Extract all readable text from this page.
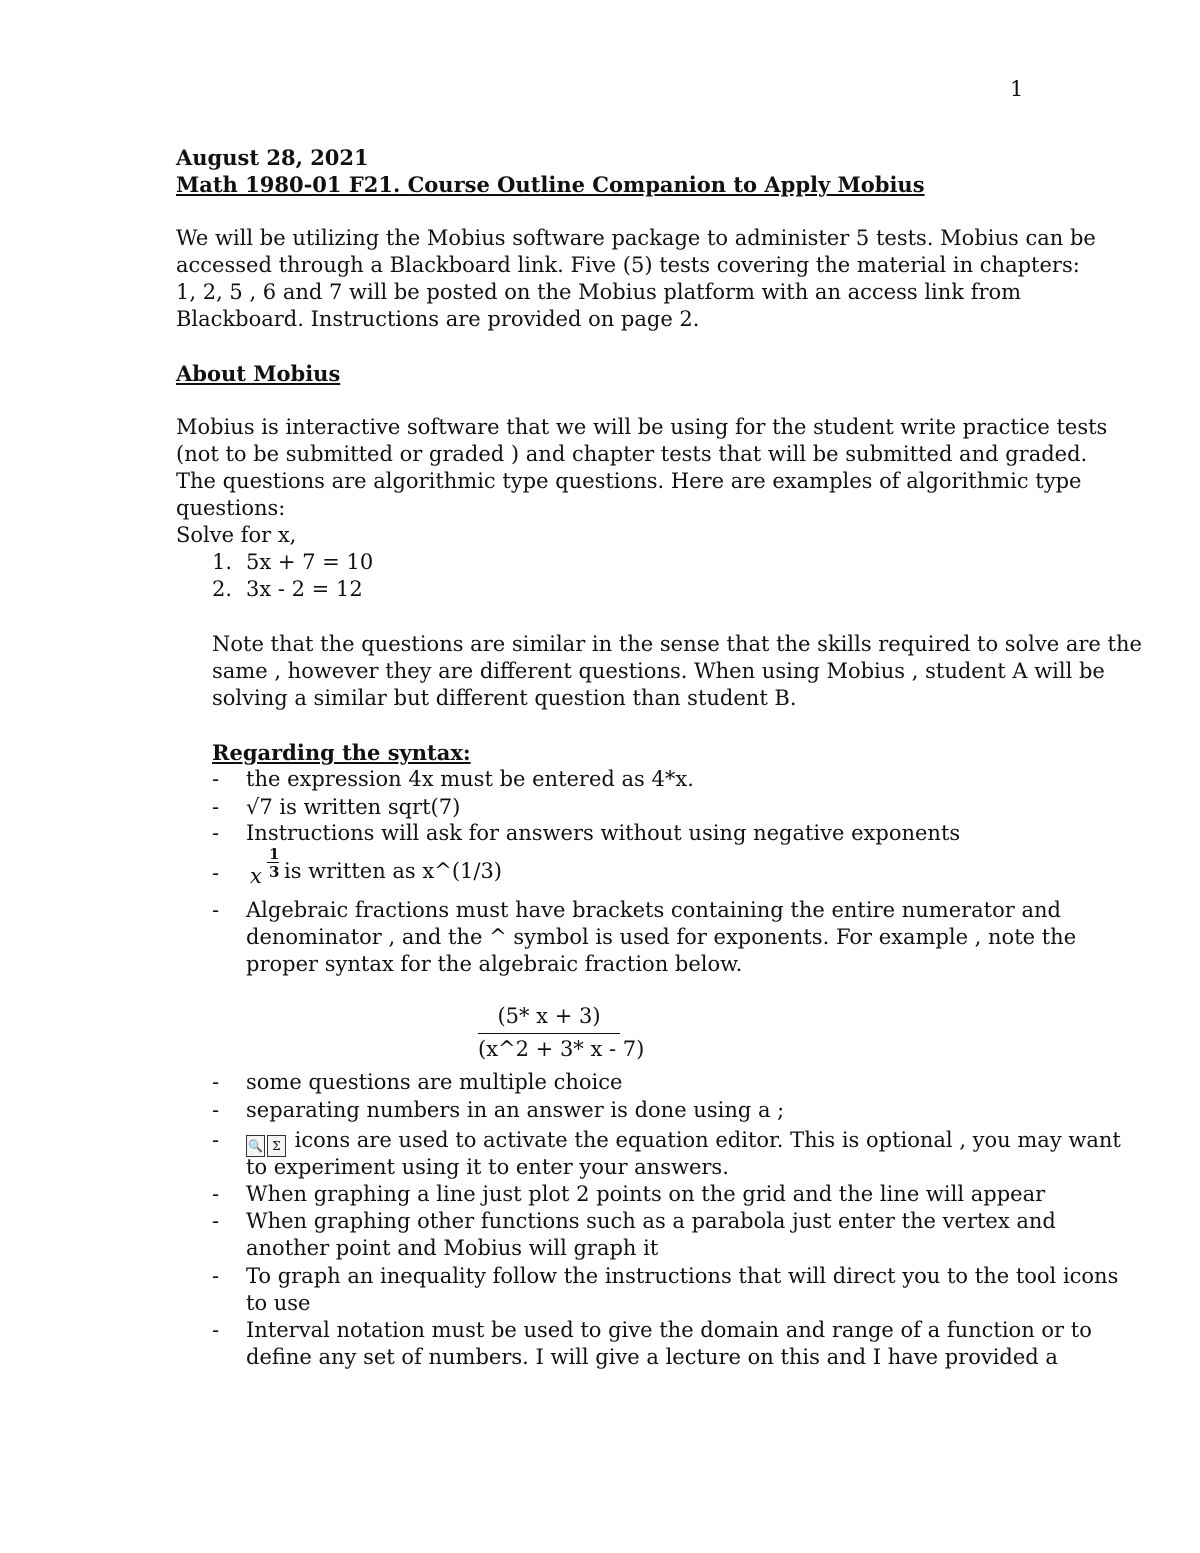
1
August 28, 2021
Math 1980-01 F21. Course Outline Companion to Apply Mobius
We will be utilizing the Mobius software package to administer 5 tests. Mobius can be
accessed through a Blackboard link. Five (5) tests covering the material in chapters:
1, 2, 5 , 6 and 7 will be posted on the Mobius platform with an access link from
Blackboard. Instructions are provided on page 2.
About Mobius
Mobius is interactive software that we will be using for the student write practice tests
(not to be submitted or graded ) and chapter tests that will be submitted and graded.
The questions are algorithmic type questions. Here are examples of algorithmic type
questions:
Solve for x,
1. 5x + 7 = 10
2. 3x - 2 = 12
Note that the questions are similar in the sense that the skills required to solve are the
same , however they are different questions. When using Mobius , student A will be
solving a similar but different question than student B.
Regarding the syntax:
-	the expression 4x must be entered as 4*x.
-	√7 is written sqrt(7)
-	Instructions will ask for answers without using negative exponents
-	x
1
3 is written as x^(1/3)
-	Algebraic fractions must have brackets containing the entire numerator and
denominator , and the ^ symbol is used for exponents. For example , note the
proper syntax for the algebraic fraction below.
(5* x + 3)
(x^2 + 3* x - 7)
-	some questions are multiple choice
-	separating numbers in an answer is done using a ;
-	🔍 Σ icons are used to activate the equation editor. This is optional , you may want
to experiment using it to enter your answers.
-	When graphing a line just plot 2 points on the grid and the line will appear
-	When graphing other functions such as a parabola just enter the vertex and
another point and Mobius will graph it
-	To graph an inequality follow the instructions that will direct you to the tool icons
to use
-	Interval notation must be used to give the domain and range of a function or to
define any set of numbers. I will give a lecture on this and I have provided a
